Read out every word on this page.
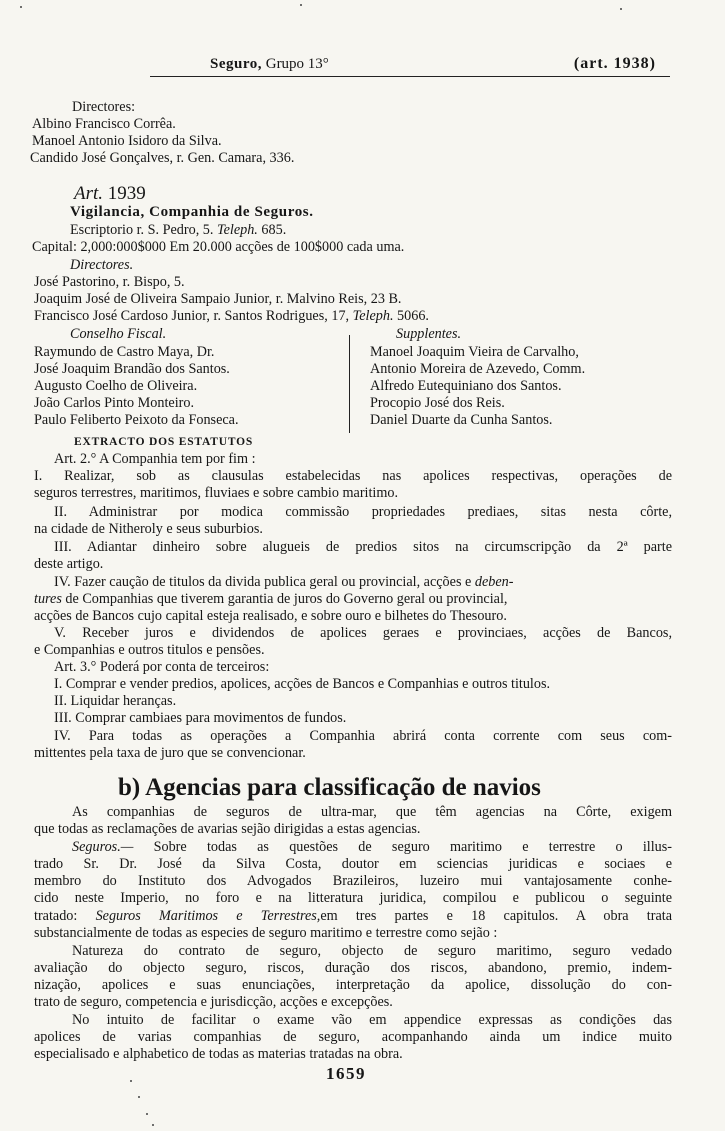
Seguro, Grupo 13°	(art. 1938)
Directores:
Albino Francisco Corrêa.
Manoel Antonio Isidoro da Silva.
Candido José Gonçalves, r. Gen. Camara, 336.
Art. 1939
Vigilancia, Companhia de Seguros.
Escriptorio r. S. Pedro, 5. Teleph. 685.
Capital: 2,000:000$000 Em 20.000 acções de 100$000 cada uma.
Directores.
José Pastorino, r. Bispo, 5.
Joaquim José de Oliveira Sampaio Junior, r. Malvino Reis, 23 B.
Francisco José Cardoso Junior, r. Santos Rodrigues, 17, Teleph. 5066.
Conselho Fiscal.	Supplentes.
Raymundo de Castro Maya, Dr.
José Joaquim Brandão dos Santos.
Augusto Coelho de Oliveira.
João Carlos Pinto Monteiro.
Paulo Feliberto Peixoto da Fonseca.
Manoel Joaquim Vieira de Carvalho,
Antonio Moreira de Azevedo, Comm.
Alfredo Eutequiniano dos Santos.
Procopio José dos Reis.
Daniel Duarte da Cunha Santos.
EXTRACTO DOS ESTATUTOS
Art. 2.° A Companhia tem por fim :
I. Realizar, sob as clausulas estabelecidas nas apolices respectivas, operações de
seguros terrestres, maritimos, fluviaes e sobre cambio maritimo.
II. Administrar por modica commissão propriedades prediaes, sitas nesta côrte,
na cidade de Nitheroly e seus suburbios.
III. Adiantar dinheiro sobre alugueis de predios sitos na circumscripção da 2ª parte
deste artigo.
IV. Fazer caução de titulos da divida publica geral ou provincial, acções e deben-
tures de Companhias que tiverem garantia de juros do Governo geral ou provincial,
acções de Bancos cujo capital esteja realisado, e sobre ouro e bilhetes do Thesouro.
V. Receber juros e dividendos de apolices geraes e provinciaes, acções de Bancos,
e Companhias e outros titulos e pensões.
Art. 3.° Poderá por conta de terceiros:
I. Comprar e vender predios, apolices, acções de Bancos e Companhias e outros titulos.
II. Liquidar heranças.
III. Comprar cambiaes para movimentos de fundos.
IV. Para todas as operações a Companhia abrirá conta corrente com seus com-
mittentes pela taxa de juro que se convencionar.
b) Agencias para classificação de navios
As companhias de seguros de ultra-mar, que têm agencias na Côrte, exigem
que todas as reclamações de avarias sejão dirigidas a estas agencias.
Seguros.— Sobre todas as questões de seguro maritimo e terrestre o illus-
trado Sr. Dr. José da Silva Costa, doutor em sciencias juridicas e sociaes e
membro do Instituto dos Advogados Brazileiros, luzeiro mui vantajosamente conhe-
cido neste Imperio, no foro e na litteratura juridica, compilou e publicou o seguinte
tratado: Seguros Maritimos e Terrestres,em tres partes e 18 capitulos. A obra trata
substancialmente de todas as especies de seguro maritimo e terrestre como sejão :
Natureza do contrato de seguro, objecto de seguro maritimo, seguro vedado
avaliação do objecto seguro, riscos, duração dos riscos, abandono, premio, indem-
nização, apolices e suas enunciações, interpretação da apolice, dissolução do con-
trato de seguro, competencia e jurisdicção, acções e excepções.
No intuito de facilitar o exame vão em appendice expressas as condições das
apolices de varias companhias de seguro, acompanhando ainda um indice muito
especialisado e alphabetico de todas as materias tratadas na obra.
1659
